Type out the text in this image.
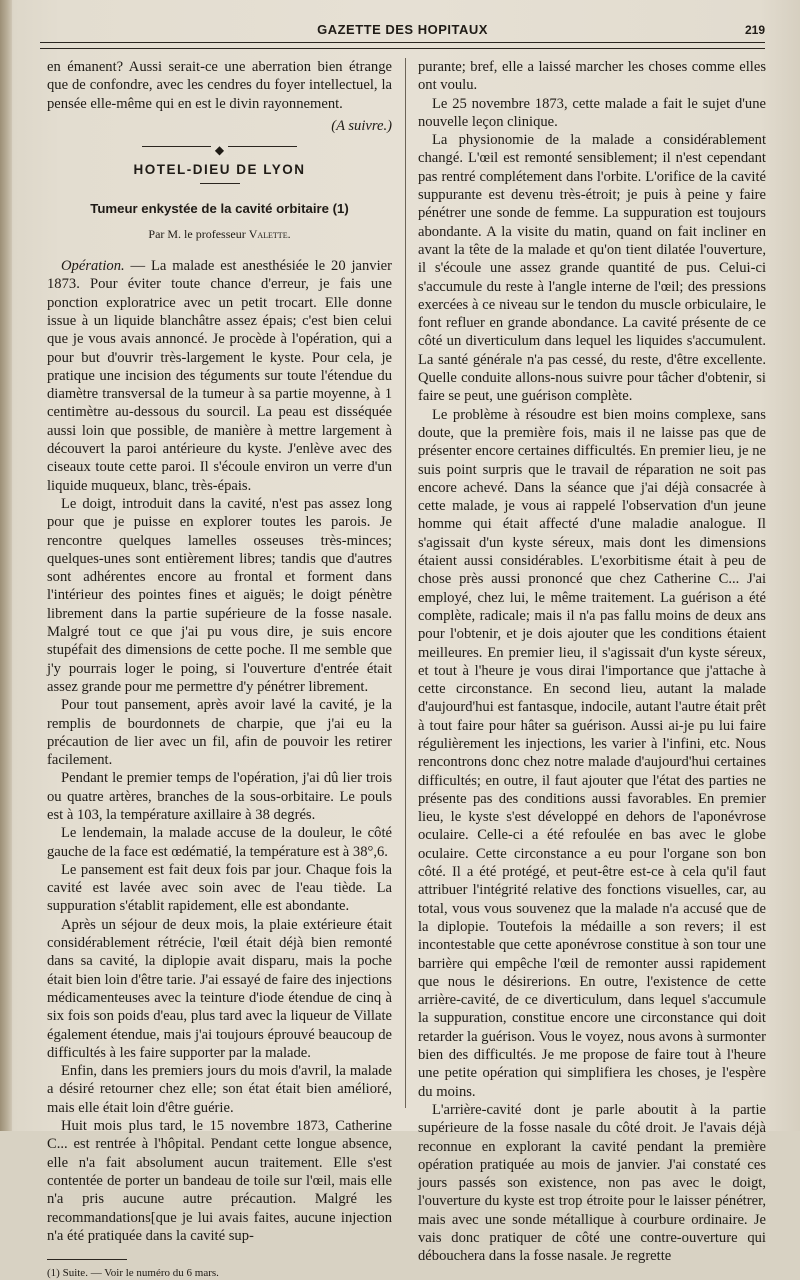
GAZETTE DES HOPITAUX	219

en émanent? Aussi serait-ce une aberration bien étrange que de confondre, avec les cendres du foyer intellectuel, la pensée elle-même qui en est le divin rayonnement.

(A suivre.)

◆
HOTEL-DIEU DE LYON
Tumeur enkystée de la cavité orbitaire (1)
Par M. le professeur Valette.

Opération. — La malade est anesthésiée le 20 janvier 1873. Pour éviter toute chance d'erreur, je fais une ponction exploratrice avec un petit trocart. Elle donne issue à un liquide blanchâtre assez épais; c'est bien celui que je vous avais annoncé. Je procède à l'opération, qui a pour but d'ouvrir très-largement le kyste. Pour cela, je pratique une incision des téguments sur toute l'étendue du diamètre transversal de la tumeur à sa partie moyenne, à 1 centimètre au-dessous du sourcil. La peau est disséquée aussi loin que possible, de manière à mettre largement à découvert la paroi antérieure du kyste. J'enlève avec des ciseaux toute cette paroi. Il s'écoule environ un verre d'un liquide muqueux, blanc, très-épais.

Le doigt, introduit dans la cavité, n'est pas assez long pour que je puisse en explorer toutes les parois. Je rencontre quelques lamelles osseuses très-minces; quelques-unes sont entièrement libres; tandis que d'autres sont adhérentes encore au frontal et forment dans l'intérieur des pointes fines et aiguës; le doigt pénètre librement dans la partie supérieure de la fosse nasale. Malgré tout ce que j'ai pu vous dire, je suis encore stupéfait des dimensions de cette poche. Il me semble que j'y pourrais loger le poing, si l'ouverture d'entrée était assez grande pour me permettre d'y pénétrer librement.

Pour tout pansement, après avoir lavé la cavité, je la remplis de bourdonnets de charpie, que j'ai eu la précaution de lier avec un fil, afin de pouvoir les retirer facilement.

Pendant le premier temps de l'opération, j'ai dû lier trois ou quatre artères, branches de la sous-orbitaire. Le pouls est à 103, la température axillaire à 38 degrés.

Le lendemain, la malade accuse de la douleur, le côté gauche de la face est œdématié, la température est à 38°,6.

Le pansement est fait deux fois par jour. Chaque fois la cavité est lavée avec soin avec de l'eau tiède. La suppuration s'établit rapidement, elle est abondante.

Après un séjour de deux mois, la plaie extérieure était considérablement rétrécie, l'œil était déjà bien remonté dans sa cavité, la diplopie avait disparu, mais la poche était bien loin d'être tarie. J'ai essayé de faire des injections médicamenteuses avec la teinture d'iode étendue de cinq à six fois son poids d'eau, plus tard avec la liqueur de Villate également étendue, mais j'ai toujours éprouvé beaucoup de difficultés à les faire supporter par la malade.

Enfin, dans les premiers jours du mois d'avril, la malade a désiré retourner chez elle; son état était bien amélioré, mais elle était loin d'être guérie.

Huit mois plus tard, le 15 novembre 1873, Catherine C... est rentrée à l'hôpital. Pendant cette longue absence, elle n'a fait absolument aucun traitement. Elle s'est contentée de porter un bandeau de toile sur l'œil, mais elle n'a pris aucune autre précaution. Malgré les recommandations[que je lui avais faites, aucune injection n'a été pratiquée dans la cavité sup-

(1) Suite. — Voir le numéro du 6 mars.

purante; bref, elle a laissé marcher les choses comme elles ont voulu.

Le 25 novembre 1873, cette malade a fait le sujet d'une nouvelle leçon clinique.

La physionomie de la malade a considérablement changé. L'œil est remonté sensiblement; il n'est cependant pas rentré complétement dans l'orbite. L'orifice de la cavité suppurante est devenu très-étroit; je puis à peine y faire pénétrer une sonde de femme. La suppuration est toujours abondante. A la visite du matin, quand on fait incliner en avant la tête de la malade et qu'on tient dilatée l'ouverture, il s'écoule une assez grande quantité de pus. Celui-ci s'accumule du reste à l'angle interne de l'œil; des pressions exercées à ce niveau sur le tendon du muscle orbiculaire, le font refluer en grande abondance. La cavité présente de ce côté un diverticulum dans lequel les liquides s'accumulent. La santé générale n'a pas cessé, du reste, d'être excellente. Quelle conduite allons-nous suivre pour tâcher d'obtenir, si faire se peut, une guérison complète.

Le problème à résoudre est bien moins complexe, sans doute, que la première fois, mais il ne laisse pas que de présenter encore certaines difficultés. En premier lieu, je ne suis point surpris que le travail de réparation ne soit pas encore achevé. Dans la séance que j'ai déjà consacrée à cette malade, je vous ai rappelé l'observation d'un jeune homme qui était affecté d'une maladie analogue. Il s'agissait d'un kyste séreux, mais dont les dimensions étaient aussi considérables. L'exorbitisme était à peu de chose près aussi prononcé que chez Catherine C... J'ai employé, chez lui, le même traitement. La guérison a été complète, radicale; mais il n'a pas fallu moins de deux ans pour l'obtenir, et je dois ajouter que les conditions étaient meilleures. En premier lieu, il s'agissait d'un kyste séreux, et tout à l'heure je vous dirai l'importance que j'attache à cette circonstance. En second lieu, autant la malade d'aujourd'hui est fantasque, indocile, autant l'autre était prêt à tout faire pour hâter sa guérison. Aussi ai-je pu lui faire régulièrement les injections, les varier à l'infini, etc. Nous rencontrons donc chez notre malade d'aujourd'hui certaines difficultés; en outre, il faut ajouter que l'état des parties ne présente pas des conditions aussi favorables. En premier lieu, le kyste s'est développé en dehors de l'aponévrose oculaire. Celle-ci a été refoulée en bas avec le globe oculaire. Cette circonstance a eu pour l'organe son bon côté. Il a été protégé, et peut-être est-ce à cela qu'il faut attribuer l'intégrité relative des fonctions visuelles, car, au total, vous vous souvenez que la malade n'a accusé que de la diplopie. Toutefois la médaille a son revers; il est incontestable que cette aponévrose constitue à son tour une barrière qui empêche l'œil de remonter aussi rapidement que nous le désirerions. En outre, l'existence de cette arrière-cavité, de ce diverticulum, dans lequel s'accumule la suppuration, constitue encore une circonstance qui doit retarder la guérison. Vous le voyez, nous avons à surmonter bien des difficultés. Je me propose de faire tout à l'heure une petite opération qui simplifiera les choses, je l'espère du moins.

L'arrière-cavité dont je parle aboutit à la partie supérieure de la fosse nasale du côté droit. Je l'avais déjà reconnue en explorant la cavité pendant la première opération pratiquée au mois de janvier. J'ai constaté ces jours passés son existence, non pas avec le doigt, l'ouverture du kyste est trop étroite pour le laisser pénétrer, mais avec une sonde métallique à courbure ordinaire. Je vais donc pratiquer de côté une contre-ouverture qui débouchera dans la fosse nasale. Je regrette
